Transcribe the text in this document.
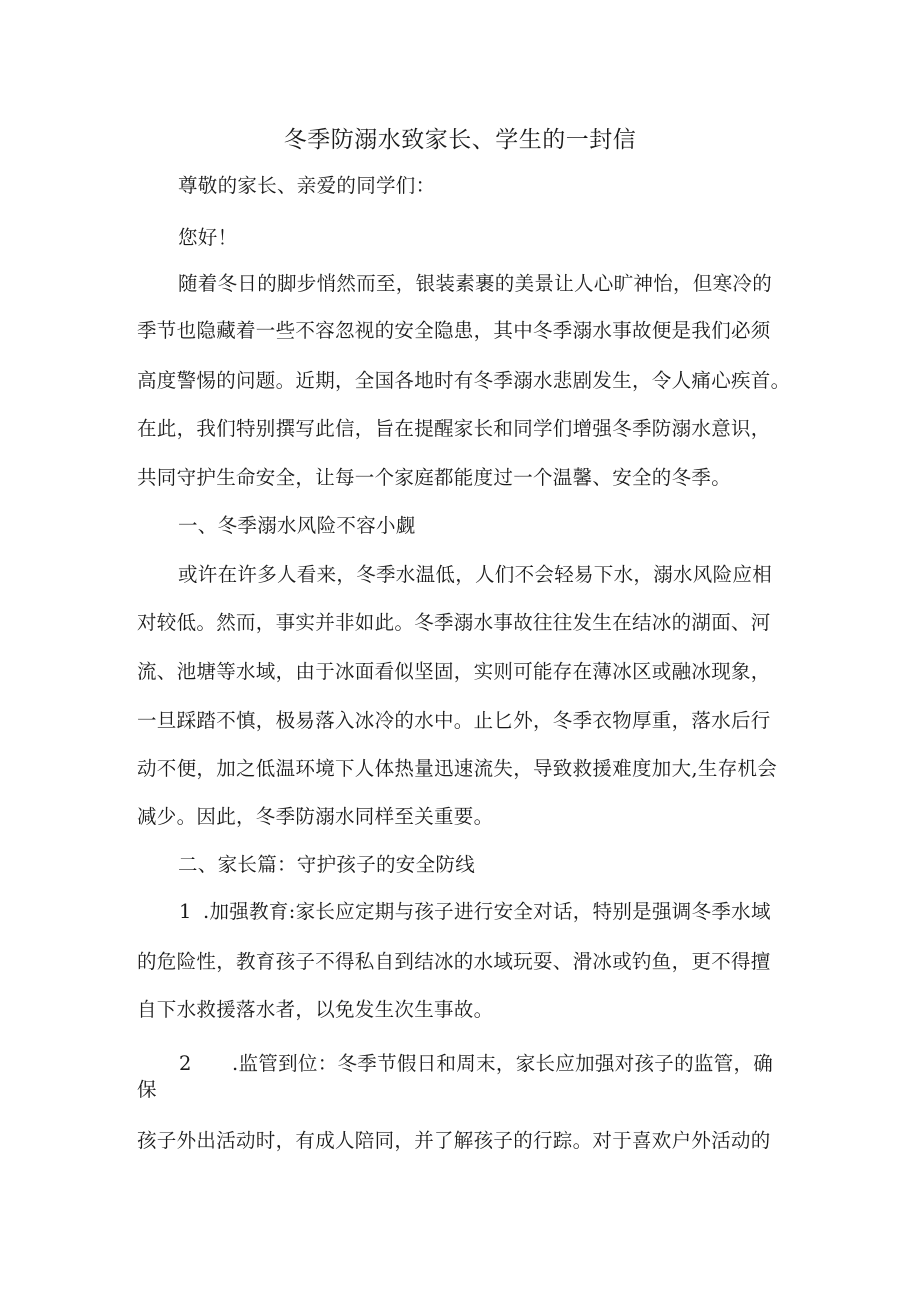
冬季防溺水致家长、学生的一封信
尊敬的家长、亲爱的同学们：
您好！
随着冬日的脚步悄然而至，银装素裹的美景让人心旷神怡，但寒冷的
季节也隐藏着一些不容忽视的安全隐患，其中冬季溺水事故便是我们必须
高度警惕的问题。近期，全国各地时有冬季溺水悲剧发生，令人痛心疾首。
在此，我们特别撰写此信，旨在提醒家长和同学们增强冬季防溺水意识，
共同守护生命安全，让每一个家庭都能度过一个温馨、安全的冬季。
一、冬季溺水风险不容小觑
或许在许多人看来，冬季水温低，人们不会轻易下水，溺水风险应相
对较低。然而，事实并非如此。冬季溺水事故往往发生在结冰的湖面、河
流、池塘等水域，由于冰面看似坚固，实则可能存在薄冰区或融冰现象，
一旦踩踏不慎，极易落入冰冷的水中。止匕外，冬季衣物厚重，落水后行
动不便，加之低温环境下人体热量迅速流失，导致救援难度加大,生存机会
减少。因此，冬季防溺水同样至关重要。
二、家长篇：守护孩子的安全防线
1 .加强教育:家长应定期与孩子进行安全对话，特别是强调冬季水域
的危险性，教育孩子不得私自到结冰的水域玩耍、滑冰或钓鱼，更不得擅
自下水救援落水者，以免发生次生事故。
2 .监管到位：冬季节假日和周末，家长应加强对孩子的监管，确
保
孩子外出活动时，有成人陪同，并了解孩子的行踪。对于喜欢户外活动的
